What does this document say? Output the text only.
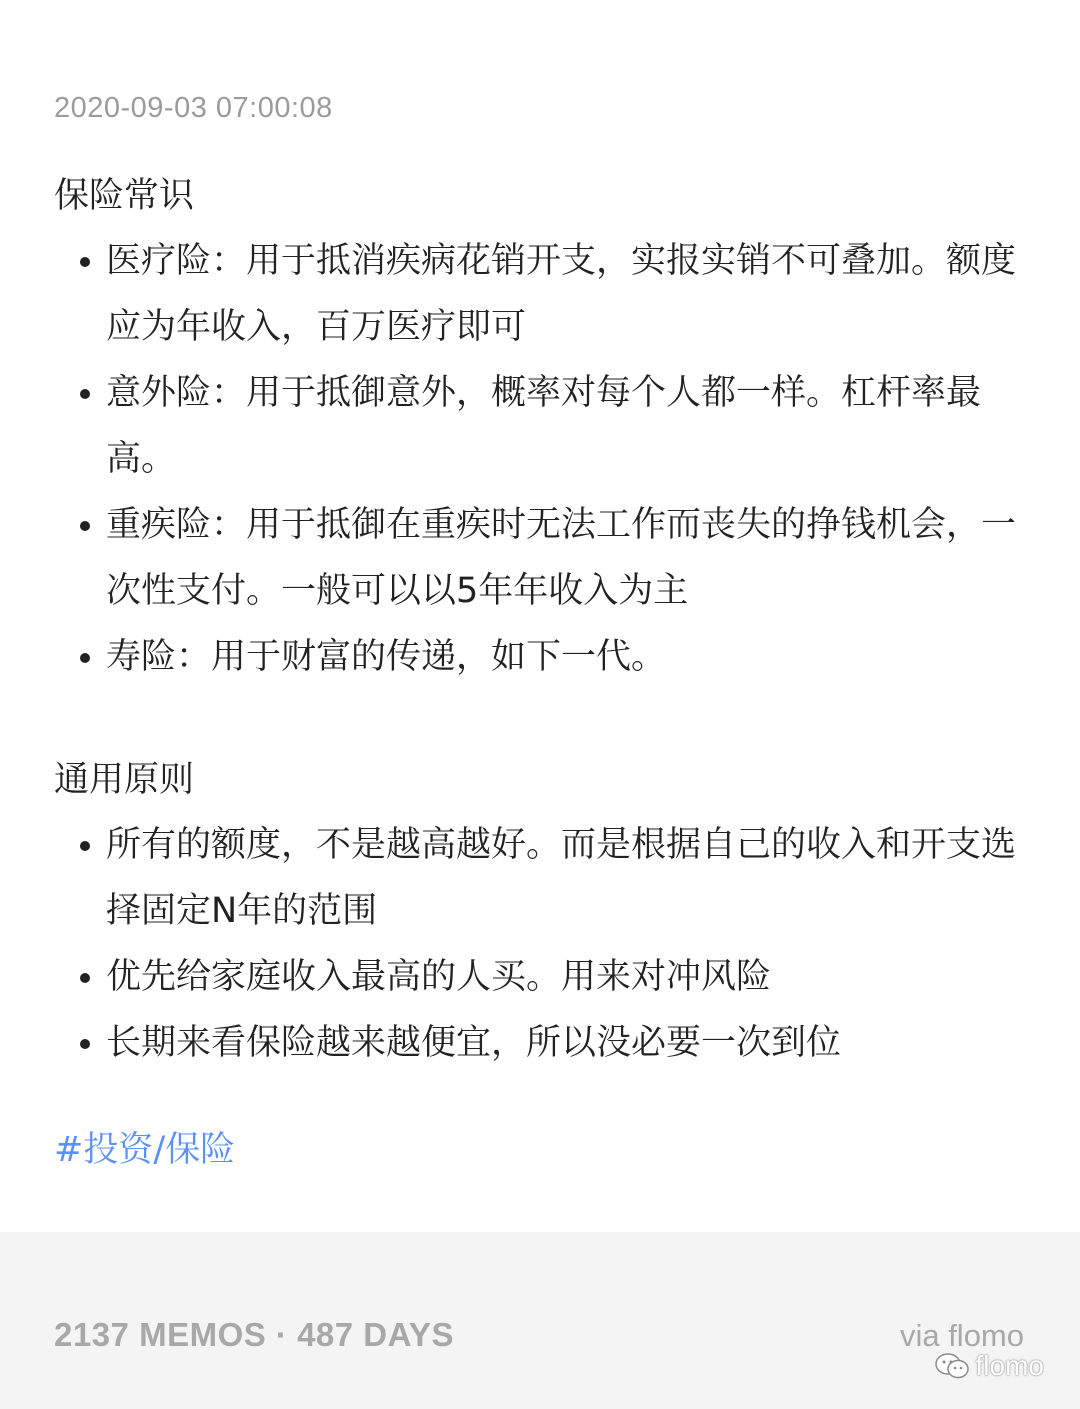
2020-09-03 07:00:08
保险常识
医疗险：用于抵消疾病花销开支，实报实销不可叠加。额度应为年收入，百万医疗即可
意外险：用于抵御意外，概率对每个人都一样。杠杆率最高。
重疾险：用于抵御在重疾时无法工作而丧失的挣钱机会，一次性支付。一般可以以5年年收入为主
寿险：用于财富的传递，如下一代。
通用原则
所有的额度，不是越高越好。而是根据自己的收入和开支选择固定N年的范围
优先给家庭收入最高的人买。用来对冲风险
长期来看保险越来越便宜，所以没必要一次到位
#投资/保险
2137 MEMOS · 487 DAYS	via flomo
flomo
